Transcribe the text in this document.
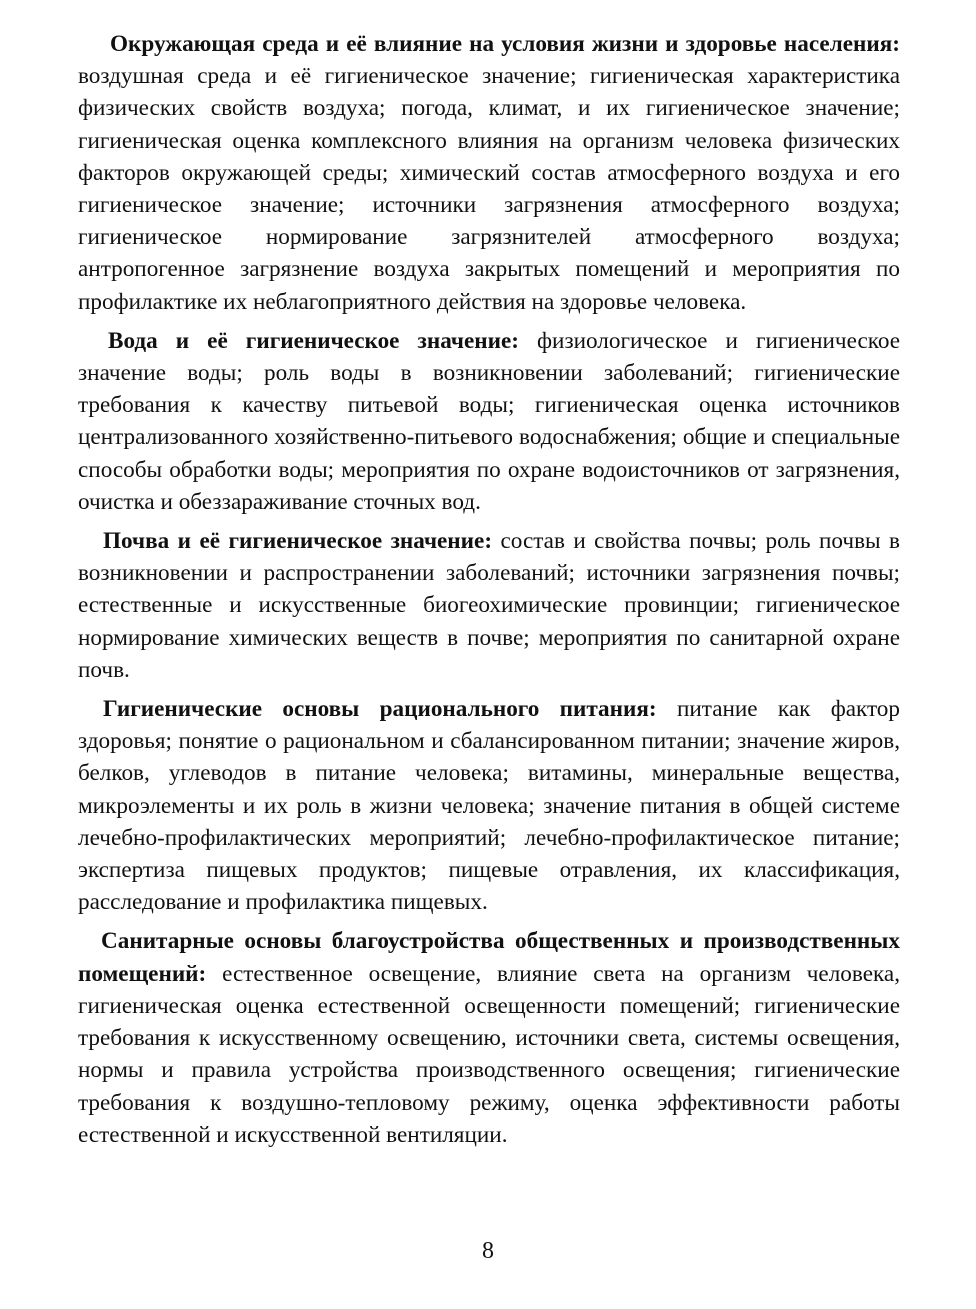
Окружающая среда и её влияние на условия жизни и здоровье населения: воздушная среда и её гигиеническое значение; гигиеническая характеристика физических свойств воздуха; погода, климат, и их гигиеническое значение; гигиеническая оценка комплексного влияния на организм человека физических факторов окружающей среды; химический состав атмосферного воздуха и его гигиеническое значение; источники загрязнения атмосферного воздуха; гигиеническое нормирование загрязнителей атмосферного воздуха; антропогенное загрязнение воздуха закрытых помещений и мероприятия по профилактике их неблагоприятного действия на здоровье человека.

Вода и её гигиеническое значение: физиологическое и гигиеническое значение воды; роль воды в возникновении заболеваний; гигиенические требования к качеству питьевой воды; гигиеническая оценка источников централизованного хозяйственно-питьевого водоснабжения; общие и специальные способы обработки воды; мероприятия по охране водоисточников от загрязнения, очистка и обеззараживание сточных вод.

Почва и её гигиеническое значение: состав и свойства почвы; роль почвы в возникновении и распространении заболеваний; источники загрязнения почвы; естественные и искусственные биогеохимические провинции; гигиеническое нормирование химических веществ в почве; мероприятия по санитарной охране почв.

Гигиенические основы рационального питания: питание как фактор здоровья; понятие о рациональном и сбалансированном питании; значение жиров, белков, углеводов в питание человека; витамины, минеральные вещества, микроэлементы и их роль в жизни человека; значение питания в общей системе лечебно-профилактических мероприятий; лечебно-профилактическое питание; экспертиза пищевых продуктов; пищевые отравления, их классификация, расследование и профилактика пищевых.

Санитарные основы благоустройства общественных и производственных помещений: естественное освещение, влияние света на организм человека, гигиеническая оценка естественной освещенности помещений; гигиенические требования к искусственному освещению, источники света, системы освещения, нормы и правила устройства производственного освещения; гигиенические требования к воздушно-тепловому режиму, оценка эффективности работы естественной и искусственной вентиляции.

8
